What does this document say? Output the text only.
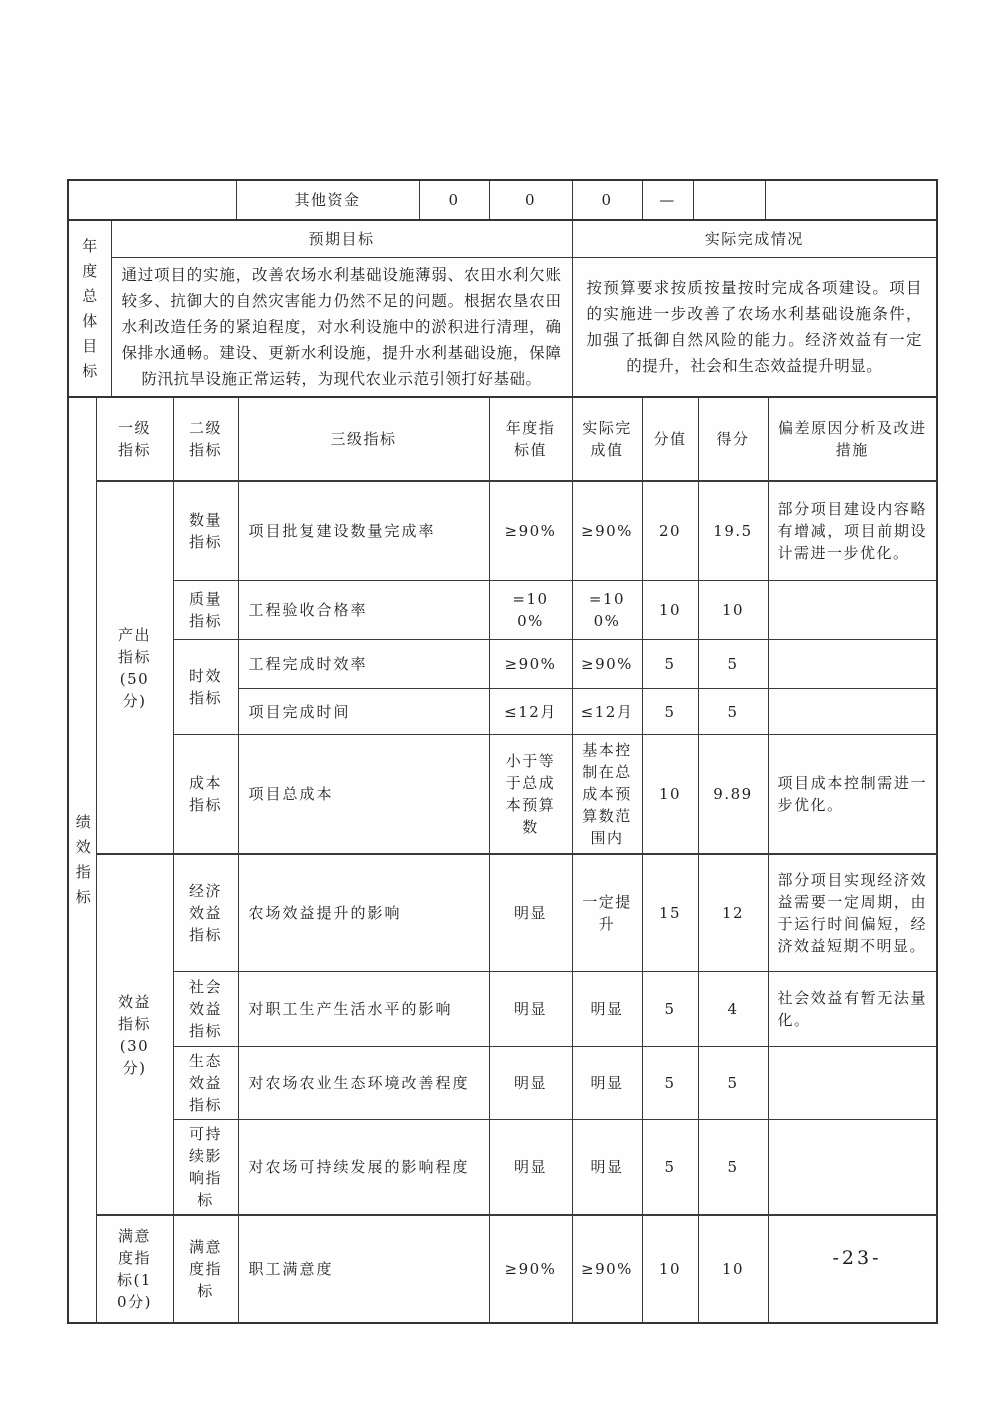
	其他资金	0	0	0	—		
年度总体目标	预期目标	实际完成情况
	通过项目的实施，改善农场水利基础设施薄弱、农田水利欠账较多、抗御大的自然灾害能力仍然不足的问题。根据农垦农田水利改造任务的紧迫程度，对水利设施中的淤积进行清理，确保排水通畅。建设、更新水利设施，提升水利基础设施，保障防汛抗旱设施正常运转，为现代农业示范引领打好基础。	按预算要求按质按量按时完成各项建设。项目的实施进一步改善了农场水利基础设施条件，加强了抵御自然风险的能力。经济效益有一定的提升，社会和生态效益提升明显。
绩效指标	一级指标	二级指标	三级指标	年度指标值	实际完成值	分值	得分	偏差原因分析及改进措施
	产出指标(50分)	数量指标	项目批复建设数量完成率	≥90%	≥90%	20	19.5	部分项目建设内容略有增减，项目前期设计需进一步优化。
		质量指标	工程验收合格率	=100%	=100%	10	10	
		时效指标	工程完成时效率	≥90%	≥90%	5	5	
			项目完成时间	≤12月	≤12月	5	5	
		成本指标	项目总成本	小于等于总成本预算数	基本控制在总成本预算数范围内	10	9.89	项目成本控制需进一步优化。
	效益指标(30分)	经济效益指标	农场效益提升的影响	明显	一定提升	15	12	部分项目实现经济效益需要一定周期，由于运行时间偏短，经济效益短期不明显。
		社会效益指标	对职工生产生活水平的影响	明显	明显	5	4	社会效益有暂无法量化。
		生态效益指标	对农场农业生态环境改善程度	明显	明显	5	5	
		可持续影响指标	对农场可持续发展的影响程度	明显	明显	5	5	
	满意度指标(10分)	满意度指标	职工满意度	≥90%	≥90%	10	10		-23-
